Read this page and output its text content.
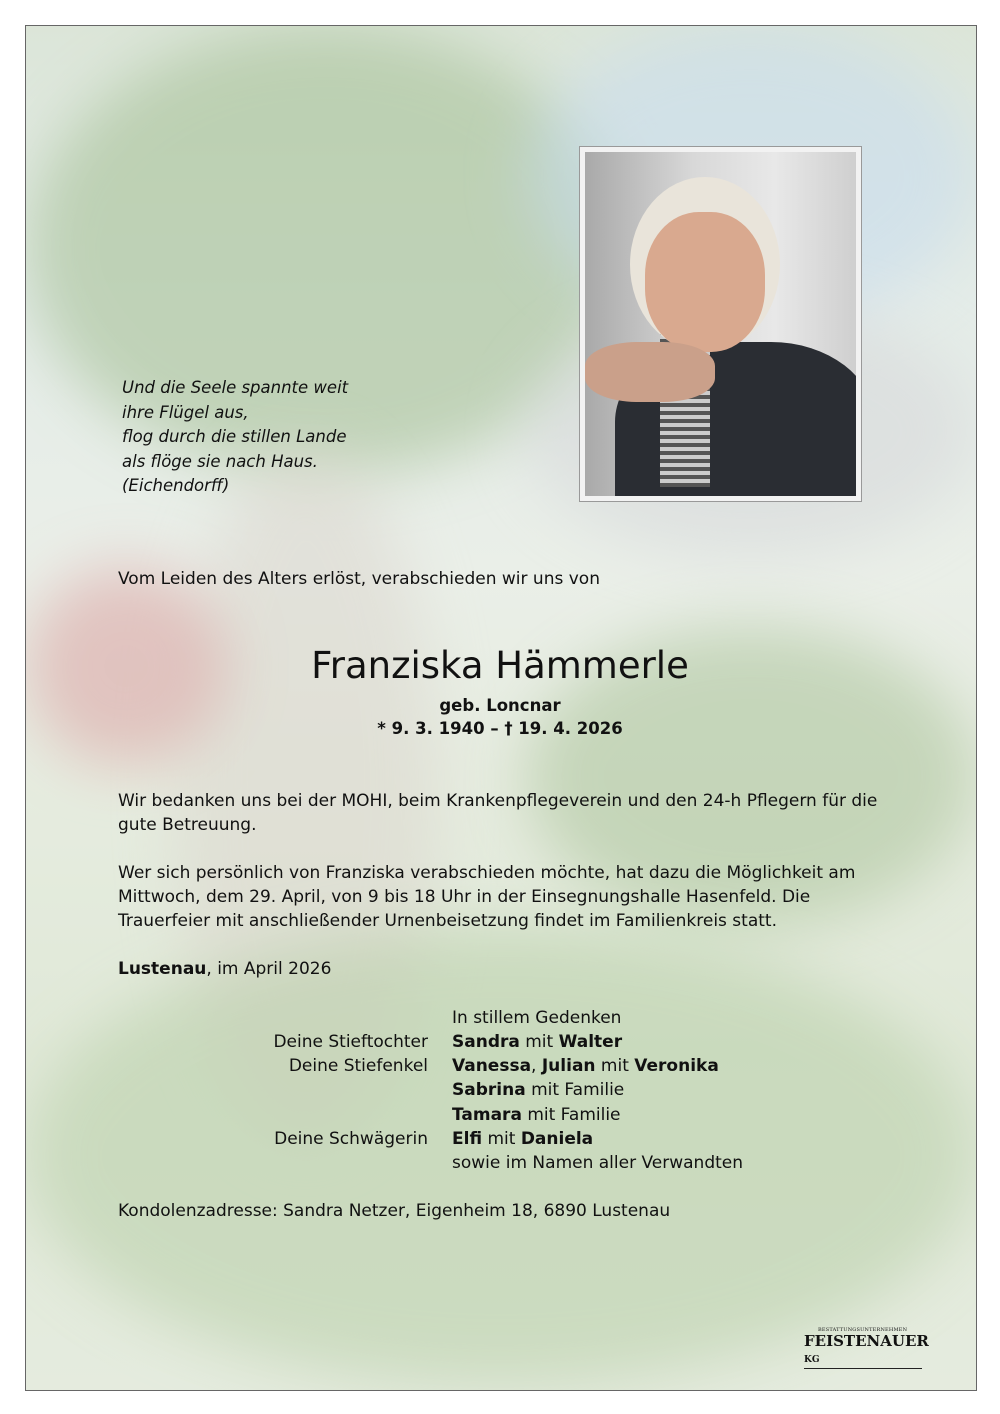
Und die Seele spannte weit
ihre Flügel aus,
flog durch die stillen Lande
als flöge sie nach Haus.
(Eichendorff)
Vom Leiden des Alters erlöst, verabschieden wir uns von
Franziska Hämmerle
geb. Loncnar
* 9. 3. 1940 – † 19. 4. 2026
Wir bedanken uns bei der MOHI, beim Krankenpflegeverein und den 24-h Pflegern für die gute Betreuung.
Wer sich persönlich von Franziska verabschieden möchte, hat dazu die Möglichkeit am Mittwoch, dem 29. April, von 9 bis 18 Uhr in der Einsegnungshalle Hasenfeld. Die Trauerfeier mit anschließender Urnenbeisetzung findet im Familienkreis statt.
Lustenau, im April 2026
In stillem Gedenken
Deine Stieftochter Sandra mit Walter
Deine Stiefenkel Vanessa, Julian mit Veronika
Sabrina mit Familie
Tamara mit Familie
Deine Schwägerin Elfi mit Daniela
sowie im Namen aller Verwandten
Kondolenzadresse: Sandra Netzer, Eigenheim 18, 6890 Lustenau
BESTATTUNGSUNTERNEHMEN
FEISTENAUER KG
